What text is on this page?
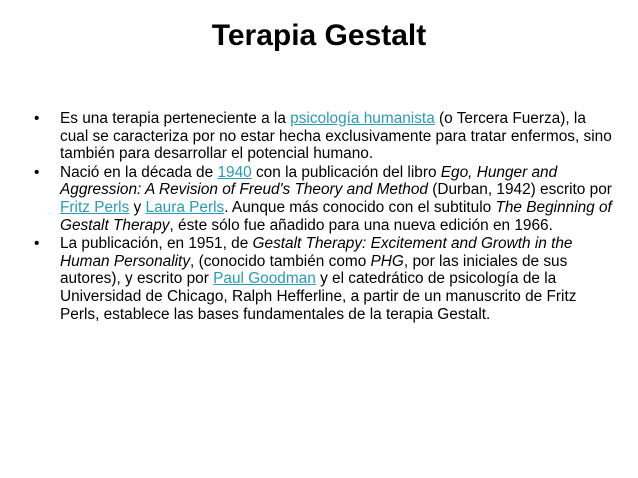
Terapia Gestalt
• Es una terapia perteneciente a la psicología humanista (o Tercera Fuerza), la cual se caracteriza por no estar hecha exclusivamente para tratar enfermos, sino también para desarrollar el potencial humano.
• Nació en la década de 1940 con la publicación del libro Ego, Hunger and Aggression: A Revision of Freud's Theory and Method (Durban, 1942) escrito por Fritz Perls y Laura Perls. Aunque más conocido con el subtitulo The Beginning of Gestalt Therapy, éste sólo fue añadido para una nueva edición en 1966.
• La publicación, en 1951, de Gestalt Therapy: Excitement and Growth in the Human Personality, (conocido también como PHG, por las iniciales de sus autores), y escrito por Paul Goodman y el catedrático de psicología de la Universidad de Chicago, Ralph Hefferline, a partir de un manuscrito de Fritz Perls, establece las bases fundamentales de la terapia Gestalt.
